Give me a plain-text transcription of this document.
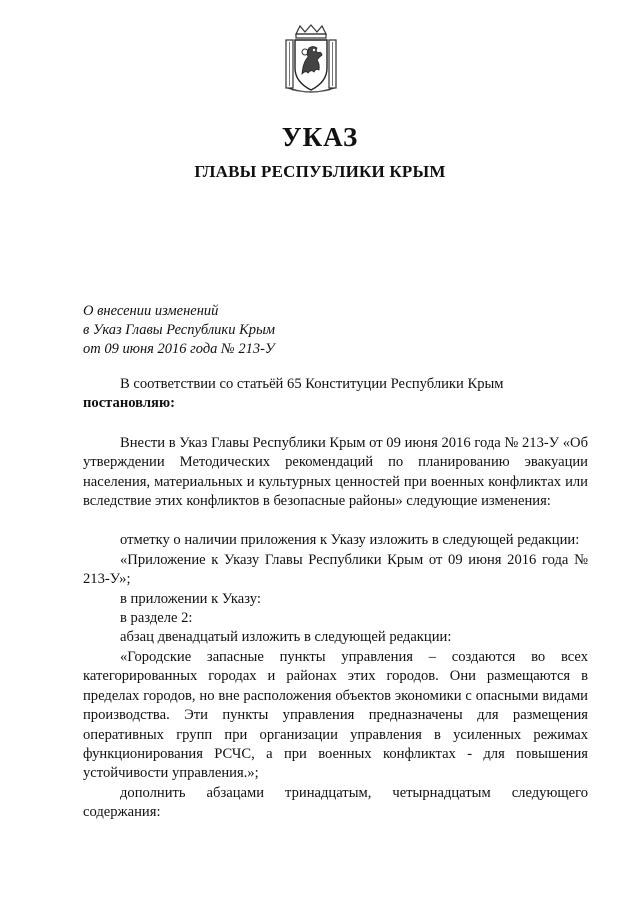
УКАЗ
ГЛАВЫ РЕСПУБЛИКИ КРЫМ
О внесении изменений
в Указ Главы Республики Крым
от 09 июня 2016 года № 213-У

В соответствии со статьёй 65 Конституции Республики Крым

постановляю:

Внести в Указ Главы Республики Крым от 09 июня 2016 года № 213-У «Об утверждении Методических рекомендаций по планированию эвакуации населения, материальных и культурных ценностей при военных конфликтах или вследствие этих конфликтов в безопасные районы» следующие изменения:

отметку о наличии приложения к Указу изложить в следующей редакции:

«Приложение к Указу Главы Республики Крым от 09 июня 2016 года № 213-У»;

в приложении к Указу:

в разделе 2:

абзац двенадцатый изложить в следующей редакции:

«Городские запасные пункты управления – создаются во всех категорированных городах и районах этих городов. Они размещаются в пределах городов, но вне расположения объектов экономики с опасными видами производства. Эти пункты управления предназначены для размещения оперативных групп при организации управления в усиленных режимах функционирования РСЧС, а при военных конфликтах - для повышения устойчивости управления.»;

дополнить абзацами тринадцатым, четырнадцатым следующего содержания:
